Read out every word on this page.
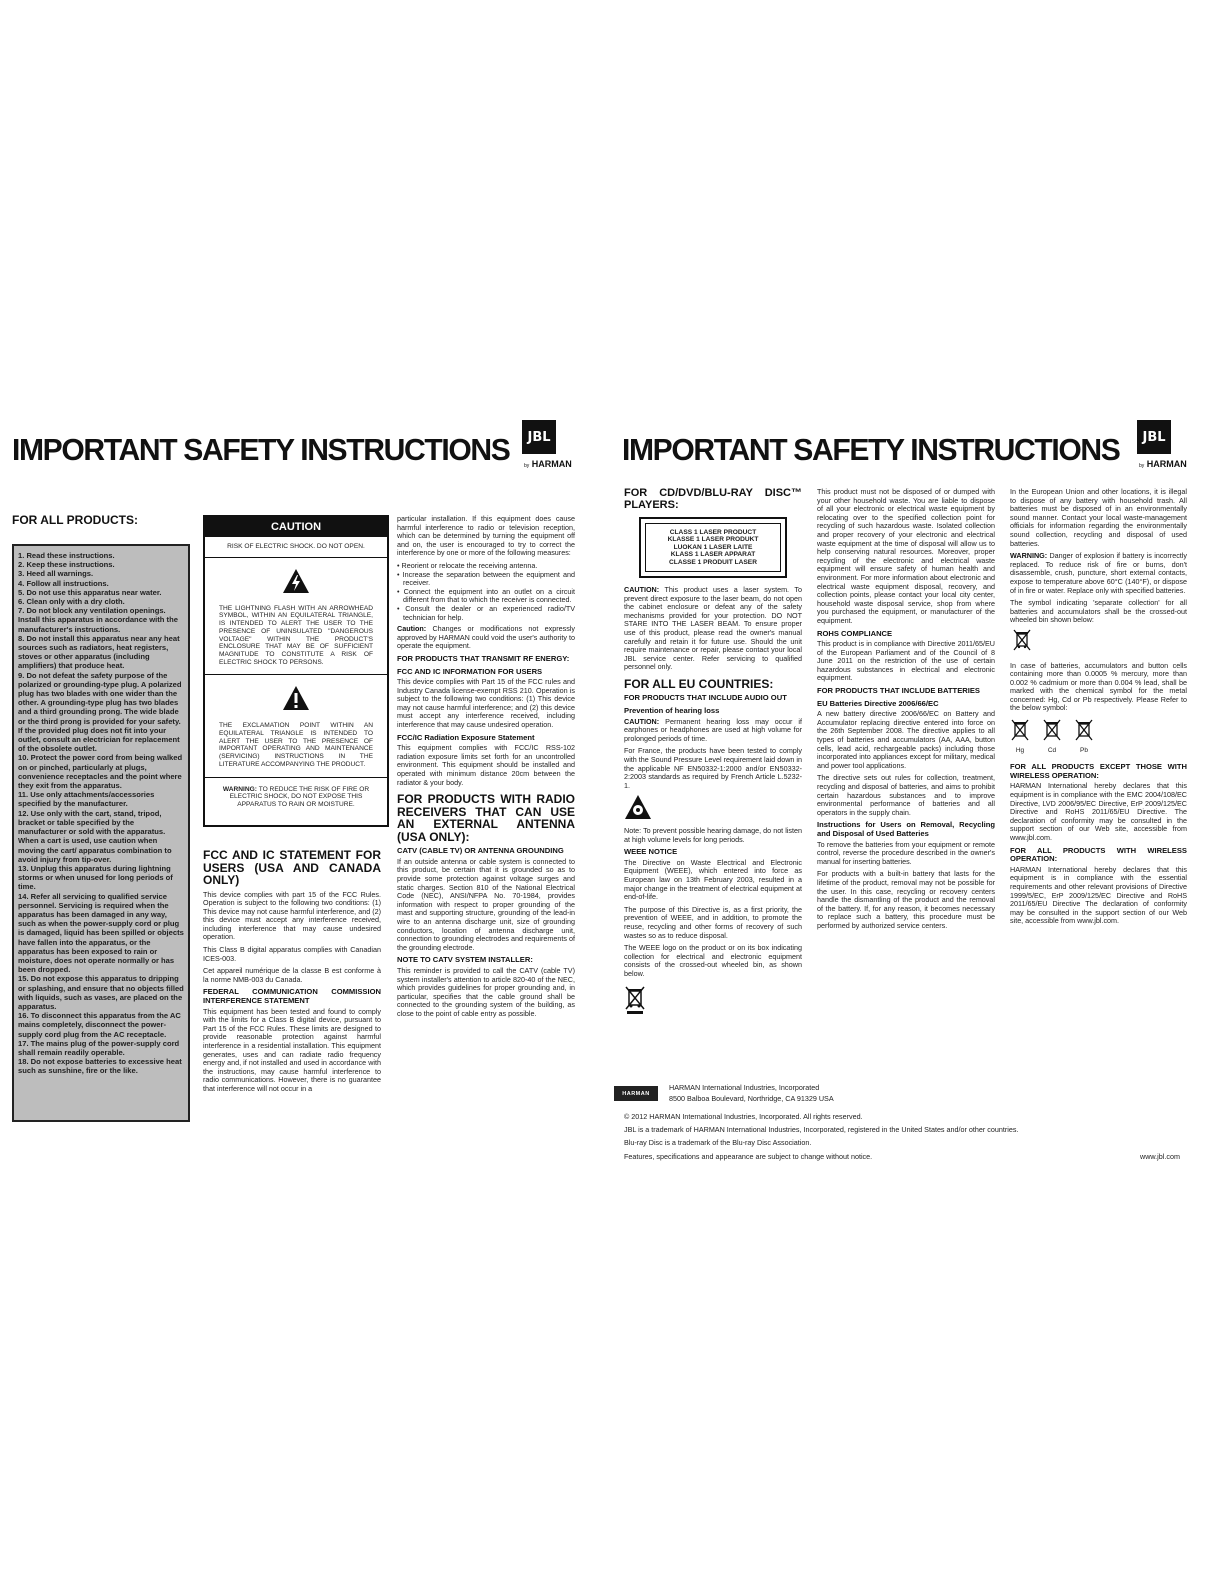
IMPORTANT SAFETY INSTRUCTIONS	JBL
by HARMAN IMPORTANT SAFETY INSTRUCTIONS	JBL
by HARMAN
FOR ALL PRODUCTS:
1. Read these instructions.
2. Keep these instructions.
3. Heed all warnings.
4. Follow all instructions.
5. Do not use this apparatus near water.
6. Clean only with a dry cloth.
7. Do not block any ventilation openings. Install this apparatus in accordance with the manufacturer's instructions.
8. Do not install this apparatus near any heat sources such as radiators, heat registers, stoves or other apparatus (including amplifiers) that produce heat.
9. Do not defeat the safety purpose of the polarized or grounding-type plug. A polarized plug has two blades with one wider than the other. A grounding-type plug has two blades and a third grounding prong. The wide blade or the third prong is provided for your safety. If the provided plug does not fit into your outlet, consult an electrician for replacement of the obsolete outlet.
10. Protect the power cord from being walked on or pinched, particularly at plugs, convenience receptacles and the point where they exit from the apparatus.
11. Use only attachments/accessories specified by the manufacturer.
12. Use only with the cart, stand, tripod, bracket or table specified by the manufacturer or sold with the apparatus. When a cart is used, use caution when moving the cart/ apparatus combination to avoid injury from tip-over.
13. Unplug this apparatus during lightning storms or when unused for long periods of time.
14. Refer all servicing to qualified service personnel. Servicing is required when the apparatus has been damaged in any way, such as when the power-supply cord or plug is damaged, liquid has been spilled or objects have fallen into the apparatus, or the apparatus has been exposed to rain or moisture, does not operate normally or has been dropped.
15. Do not expose this apparatus to dripping or splashing, and ensure that no objects filled with liquids, such as vases, are placed on the apparatus.
16. To disconnect this apparatus from the AC mains completely, disconnect the power-supply cord plug from the AC receptacle.
17. The mains plug of the power-supply cord shall remain readily operable.
18. Do not expose batteries to excessive heat such as sunshine, fire or the like.
CAUTION
RISK OF ELECTRIC SHOCK. DO NOT OPEN.
THE LIGHTNING FLASH WITH AN ARROWHEAD SYMBOL, WITHIN AN EQUILATERAL TRIANGLE, IS INTENDED TO ALERT THE USER TO THE PRESENCE OF UNINSULATED "DANGEROUS VOLTAGE" WITHIN THE PRODUCT'S ENCLOSURE THAT MAY BE OF SUFFICIENT MAGNITUDE TO CONSTITUTE A RISK OF ELECTRIC SHOCK TO PERSONS.
THE EXCLAMATION POINT WITHIN AN EQUILATERAL TRIANGLE IS INTENDED TO ALERT THE USER TO THE PRESENCE OF IMPORTANT OPERATING AND MAINTENANCE (SERVICING) INSTRUCTIONS IN THE LITERATURE ACCOMPANYING THE PRODUCT.
WARNING: TO REDUCE THE RISK OF FIRE OR ELECTRIC SHOCK, DO NOT EXPOSE THIS APPARATUS TO RAIN OR MOISTURE.
FCC AND IC STATEMENT FOR USERS (USA AND CANADA ONLY)

This device complies with part 15 of the FCC Rules. Operation is subject to the following two conditions: (1) This device may not cause harmful interference, and (2) this device must accept any interference received, including interference that may cause undesired operation.

This Class B digital apparatus complies with Canadian ICES-003.

Cet appareil numérique de la classe B est conforme à la norme NMB-003 du Canada.

FEDERAL COMMUNICATION COMMISSION INTERFERENCE STATEMENT

This equipment has been tested and found to comply with the limits for a Class B digital device, pursuant to Part 15 of the FCC Rules. These limits are designed to provide reasonable protection against harmful interference in a residential installation. This equipment generates, uses and can radiate radio frequency energy and, if not installed and used in accordance with the instructions, may cause harmful interference to radio communications. However, there is no guarantee that interference will not occur in a

particular installation. If this equipment does cause harmful interference to radio or television reception, which can be determined by turning the equipment off and on, the user is encouraged to try to correct the interference by one or more of the following measures:

• Reorient or relocate the receiving antenna.
• Increase the separation between the equipment and receiver.
• Connect the equipment into an outlet on a circuit different from that to which the receiver is connected.
• Consult the dealer or an experienced radio/TV technician for help.

Caution: Changes or modifications not expressly approved by HARMAN could void the user's authority to operate the equipment.

FOR PRODUCTS THAT TRANSMIT RF ENERGY:
FCC AND IC INFORMATION FOR USERS

This device complies with Part 15 of the FCC rules and Industry Canada license-exempt RSS 210. Operation is subject to the following two conditions: (1) This device may not cause harmful interference; and (2) this device must accept any interference received, including interference that may cause undesired operation.

FCC/IC Radiation Exposure Statement

This equipment complies with FCC/IC RSS-102 radiation exposure limits set forth for an uncontrolled environment. This equipment should be installed and operated with minimum distance 20cm between the radiator & your body.

FOR PRODUCTS WITH RADIO RECEIVERS THAT CAN USE AN EXTERNAL ANTENNA (USA ONLY):
CATV (CABLE TV) OR ANTENNA GROUNDING

If an outside antenna or cable system is connected to this product, be certain that it is grounded so as to provide some protection against voltage surges and static charges. Section 810 of the National Electrical Code (NEC), ANSI/NFPA No. 70-1984, provides information with respect to proper grounding of the mast and supporting structure, grounding of the lead-in wire to an antenna discharge unit, size of grounding conductors, location of antenna discharge unit, connection to grounding electrodes and requirements of the grounding electrode.

NOTE TO CATV SYSTEM INSTALLER:

This reminder is provided to call the CATV (cable TV) system installer's attention to article 820-40 of the NEC, which provides guidelines for proper grounding and, in particular, specifies that the cable ground shall be connected to the grounding system of the building, as close to the point of cable entry as possible.

FOR CD/DVD/BLU-RAY DISC™ PLAYERS:
CLASS 1 LASER PRODUCT
KLASSE 1 LASER PRODUKT
LUOKAN 1 LASER LAITE
KLASS 1 LASER APPARAT
CLASSE 1 PRODUIT LASER

CAUTION: This product uses a laser system. To prevent direct exposure to the laser beam, do not open the cabinet enclosure or defeat any of the safety mechanisms provided for your protection. DO NOT STARE INTO THE LASER BEAM. To ensure proper use of this product, please read the owner's manual carefully and retain it for future use. Should the unit require maintenance or repair, please contact your local JBL service center. Refer servicing to qualified personnel only.

FOR ALL EU COUNTRIES:
FOR PRODUCTS THAT INCLUDE AUDIO OUT
Prevention of hearing loss

CAUTION: Permanent hearing loss may occur if earphones or headphones are used at high volume for prolonged periods of time.

For France, the products have been tested to comply with the Sound Pressure Level requirement laid down in the applicable NF EN50332-1:2000 and/or EN50332-2:2003 standards as required by French Article L.5232-1.

Note: To prevent possible hearing damage, do not listen at high volume levels for long periods.

WEEE NOTICE

The Directive on Waste Electrical and Electronic Equipment (WEEE), which entered into force as European law on 13th February 2003, resulted in a major change in the treatment of electrical equipment at end-of-life.

The purpose of this Directive is, as a first priority, the prevention of WEEE, and in addition, to promote the reuse, recycling and other forms of recovery of such wastes so as to reduce disposal.

The WEEE logo on the product or on its box indicating collection for electrical and electronic equipment consists of the crossed-out wheeled bin, as shown below.

This product must not be disposed of or dumped with your other household waste. You are liable to dispose of all your electronic or electrical waste equipment by relocating over to the specified collection point for recycling of such hazardous waste. Isolated collection and proper recovery of your electronic and electrical waste equipment at the time of disposal will allow us to help conserving natural resources. Moreover, proper recycling of the electronic and electrical waste equipment will ensure safety of human health and environment. For more information about electronic and electrical waste equipment disposal, recovery, and collection points, please contact your local city center, household waste disposal service, shop from where you purchased the equipment, or manufacturer of the equipment.

ROHS COMPLIANCE

This product is in compliance with Directive 2011/65/EU of the European Parliament and of the Council of 8 June 2011 on the restriction of the use of certain hazardous substances in electrical and electronic equipment.

FOR PRODUCTS THAT INCLUDE BATTERIES
EU Batteries Directive 2006/66/EC

A new battery directive 2006/66/EC on Battery and Accumulator replacing directive entered into force on the 26th September 2008. The directive applies to all types of batteries and accumulators (AA, AAA, button cells, lead acid, rechargeable packs) including those incorporated into appliances except for military, medical and power tool applications.

The directive sets out rules for collection, treatment, recycling and disposal of batteries, and aims to prohibit certain hazardous substances and to improve environmental performance of batteries and all operators in the supply chain.

Instructions for Users on Removal, Recycling and Disposal of Used Batteries

To remove the batteries from your equipment or remote control, reverse the procedure described in the owner's manual for inserting batteries.

For products with a built-in battery that lasts for the lifetime of the product, removal may not be possible for the user. In this case, recycling or recovery centers handle the dismantling of the product and the removal of the battery. If, for any reason, it becomes necessary to replace such a battery, this procedure must be performed by authorized service centers.

In the European Union and other locations, it is illegal to dispose of any battery with household trash. All batteries must be disposed of in an environmentally sound manner. Contact your local waste-management officials for information regarding the environmentally sound collection, recycling and disposal of used batteries.

WARNING: Danger of explosion if battery is incorrectly replaced. To reduce risk of fire or burns, don't disassemble, crush, puncture, short external contacts, expose to temperature above 60°C (140°F), or dispose of in fire or water. Replace only with specified batteries.

The symbol indicating 'separate collection' for all batteries and accumulators shall be the crossed-out wheeled bin shown below:

In case of batteries, accumulators and button cells containing more than 0.0005 % mercury, more than 0.002 % cadmium or more than 0.004 % lead, shall be marked with the chemical symbol for the metal concerned: Hg, Cd or Pb respectively. Please Refer to the below symbol:

Hg	Cd	Pb
FOR ALL PRODUCTS EXCEPT THOSE WITH WIRELESS OPERATION:

HARMAN International hereby declares that this equipment is in compliance with the EMC 2004/108/EC Directive, LVD 2006/95/EC Directive, ErP 2009/125/EC Directive and RoHS 2011/65/EU Directive. The declaration of conformity may be consulted in the support section of our Web site, accessible from www.jbl.com.

FOR ALL PRODUCTS WITH WIRELESS OPERATION:

HARMAN International hereby declares that this equipment is in compliance with the essential requirements and other relevant provisions of Directive 1999/5/EC, ErP 2009/125/EC Directive and RoHS 2011/65/EU Directive The declaration of conformity may be consulted in the support section of our Web site, accessible from www.jbl.com.

HARMAN
HARMAN International Industries, Incorporated
8500 Balboa Boulevard, Northridge, CA 91329 USA
© 2012 HARMAN International Industries, Incorporated. All rights reserved.
JBL is a trademark of HARMAN International Industries, Incorporated, registered in the United States and/or other countries.
Blu-ray Disc is a trademark of the Blu-ray Disc Association.
Features, specifications and appearance are subject to change without notice.	www.jbl.com
